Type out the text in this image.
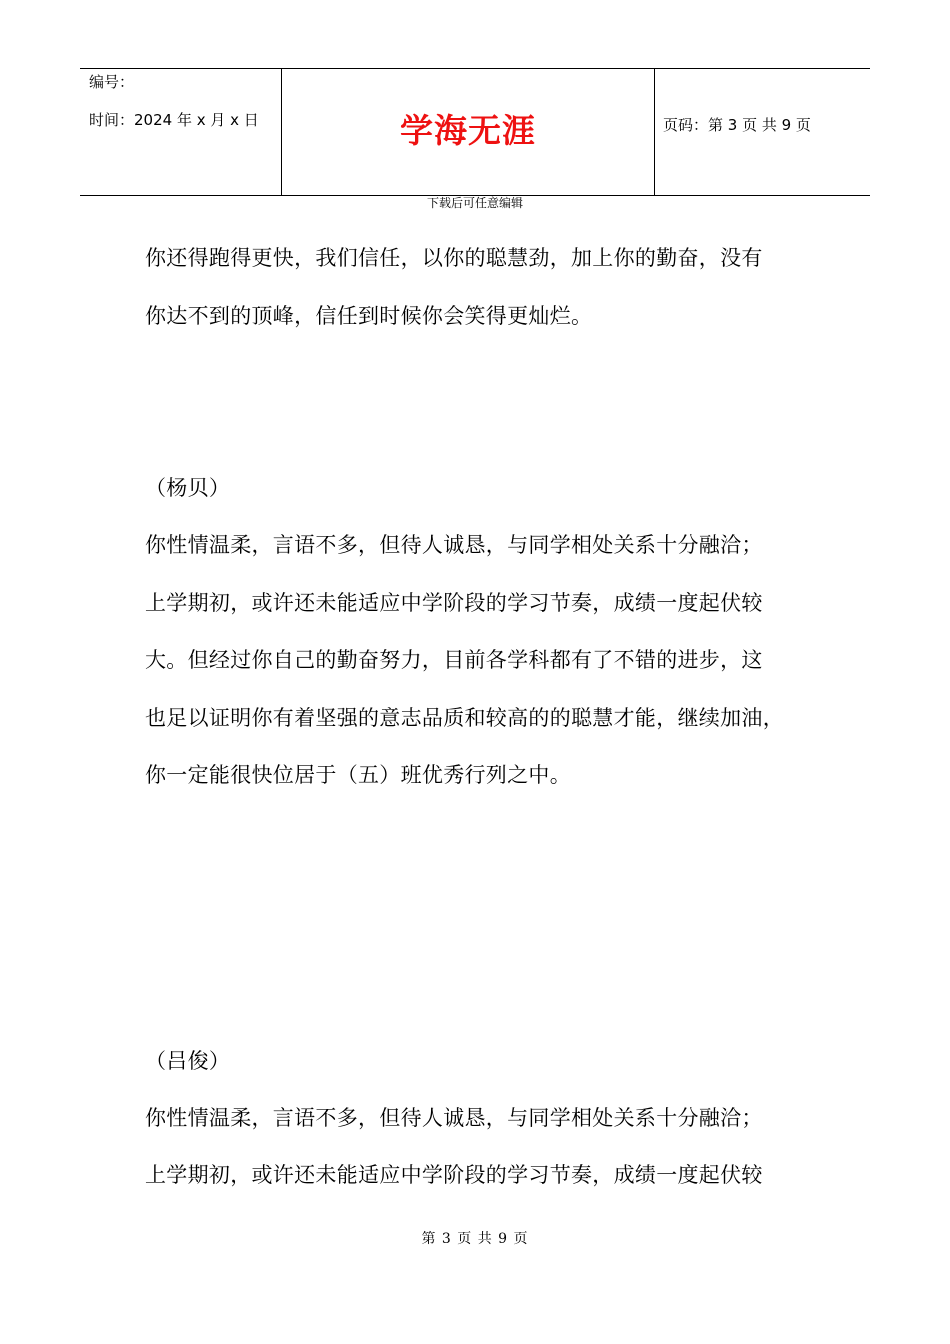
编号：
时间：2024 年 x 月 x 日	学海无涯	页码：第 3 页 共 9 页
下载后可任意编辑
你还得跑得更快，我们信任，以你的聪慧劲，加上你的勤奋，没有
你达不到的顶峰，信任到时候你会笑得更灿烂。
（杨贝）
你性情温柔，言语不多，但待人诚恳，与同学相处关系十分融洽；
上学期初，或许还未能适应中学阶段的学习节奏，成绩一度起伏较
大。但经过你自己的勤奋努力，目前各学科都有了不错的进步，这
也足以证明你有着坚强的意志品质和较高的的聪慧才能，继续加油，
你一定能很快位居于（五）班优秀行列之中。
（吕俊）
你性情温柔，言语不多，但待人诚恳，与同学相处关系十分融洽；
上学期初，或许还未能适应中学阶段的学习节奏，成绩一度起伏较
第 3 页 共 9 页
